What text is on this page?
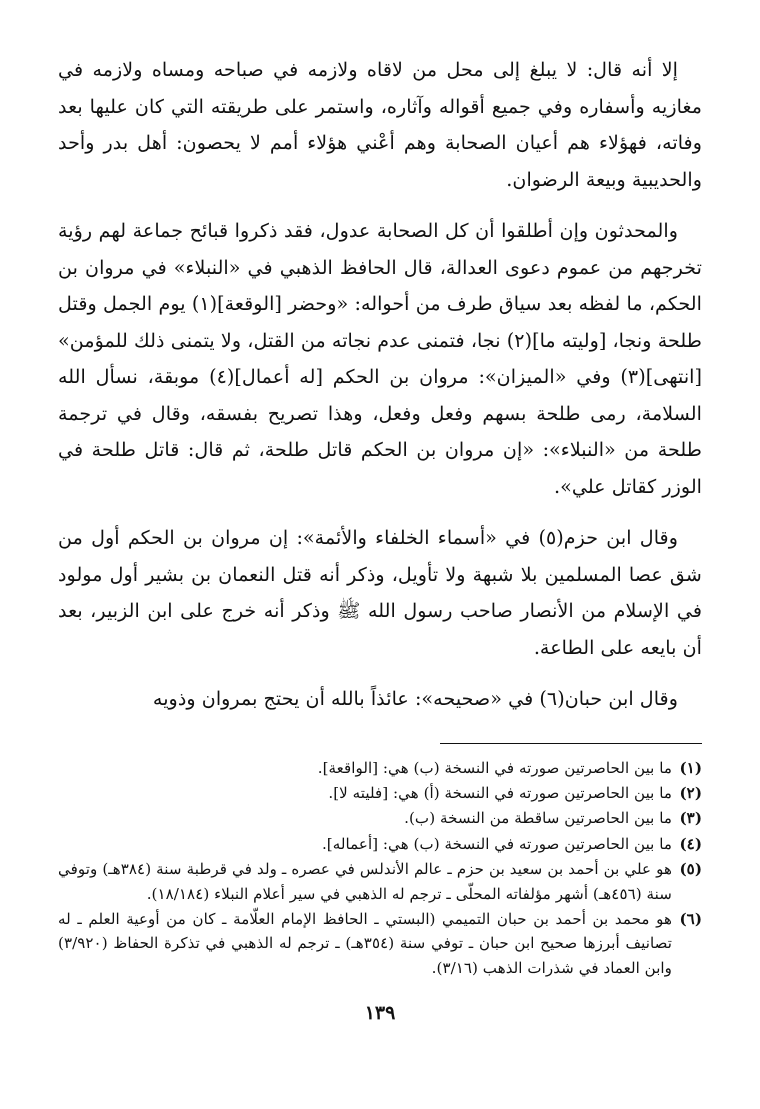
إلا أنه قال: لا يبلغ إلى محل من لاقاه ولازمه في صباحه ومساه ولازمه في مغازيه وأسفاره وفي جميع أقواله وآثاره، واستمر على طريقته التي كان عليها بعد وفاته، فهؤلاء هم أعيان الصحابة وهم أعْني هؤلاء أمم لا يحصون: أهل بدر وأحد والحديبية وبيعة الرضوان.

والمحدثون وإن أطلقوا أن كل الصحابة عدول، فقد ذكروا قبائح جماعة لهم رؤية تخرجهم من عموم دعوى العدالة، قال الحافظ الذهبي في «النبلاء» في مروان بن الحكم، ما لفظه بعد سياق طرف من أحواله: «وحضر [الوقعة](١) يوم الجمل وقتل طلحة ونجا، [وليته ما](٢) نجا، فتمنى عدم نجاته من القتل، ولا يتمنى ذلك للمؤمن» [انتهى](٣) وفي «الميزان»: مروان بن الحكم [له أعمال](٤) موبقة، نسأل الله السلامة، رمى طلحة بسهم وفعل وفعل، وهذا تصريح بفسقه، وقال في ترجمة طلحة من «النبلاء»: «إن مروان بن الحكم قاتل طلحة، ثم قال: قاتل طلحة في الوزر كقاتل علي».

وقال ابن حزم(٥) في «أسماء الخلفاء والأئمة»: إن مروان بن الحكم أول من شق عصا المسلمين بلا شبهة ولا تأويل، وذكر أنه قتل النعمان بن بشير أول مولود في الإسلام من الأنصار صاحب رسول الله ﷺ وذكر أنه خرج على ابن الزبير، بعد أن بايعه على الطاعة.

وقال ابن حبان(٦) في «صحيحه»: عائذاً بالله أن يحتج بمروان وذويه

(١)
ما بين الحاصرتين صورته في النسخة (ب) هي: [الواقعة].
(٢)
ما بين الحاصرتين صورته في النسخة (أ) هي: [فليته لا].
(٣)
ما بين الحاصرتين ساقطة من النسخة (ب).
(٤)
ما بين الحاصرتين صورته في النسخة (ب) هي: [أعماله].
(٥)
هو علي بن أحمد بن سعيد بن حزم ـ عالم الأندلس في عصره ـ ولد في قرطبة سنة (٣٨٤هـ) وتوفي سنة (٤٥٦هـ) أشهر مؤلفاته المحلّى ـ ترجم له الذهبي في سير أعلام النبلاء (١٨/١٨٤).
(٦)
هو محمد بن أحمد بن حبان التميمي (البستي ـ الحافظ الإمام العلّامة ـ كان من أوعية العلم ـ له تصانيف أبرزها صحيح ابن حبان ـ توفي سنة (٣٥٤هـ) ـ ترجم له الذهبي في تذكرة الحفاظ (٣/٩٢٠) وابن العماد في شذرات الذهب (٣/١٦).
١٣٩
